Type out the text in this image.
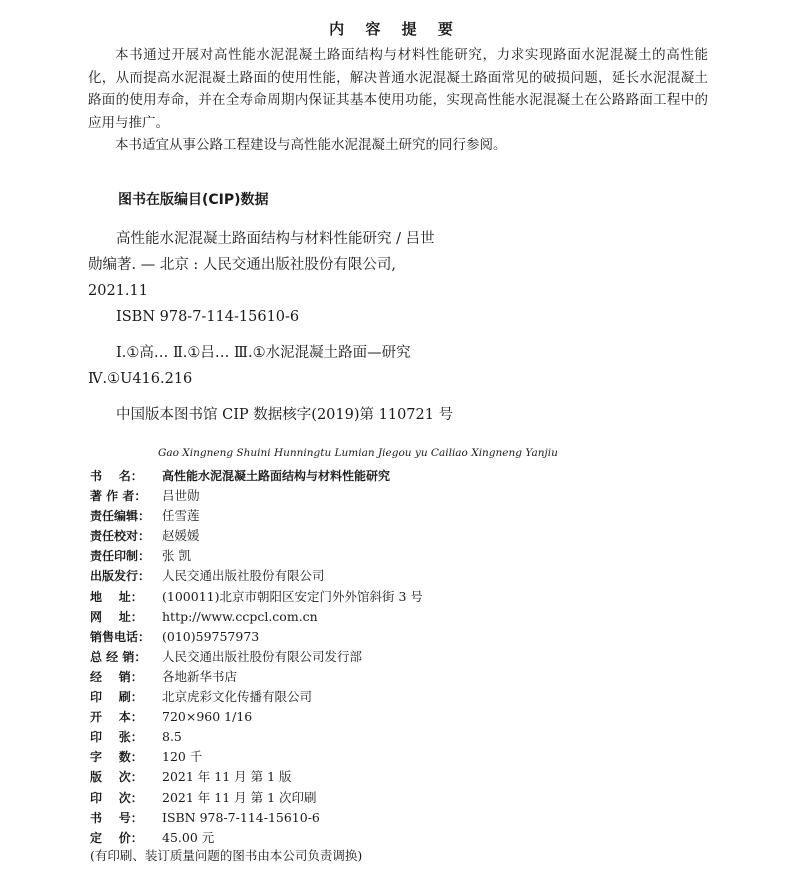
内 容 提 要

本书通过开展对高性能水泥混凝土路面结构与材料性能研究，力求实现路面水泥混凝土的高性能化，从而提高水泥混凝土路面的使用性能，解决普通水泥混凝土路面常见的破损问题，延长水泥混凝土路面的使用寿命，并在全寿命周期内保证其基本使用功能，实现高性能水泥混凝土在公路路面工程中的应用与推广。

本书适宜从事公路工程建设与高性能水泥混凝土研究的同行参阅。

图书在版编目(CIP)数据
高性能水泥混凝土路面结构与材料性能研究 / 吕世
勋编著. — 北京 : 人民交通出版社股份有限公司,
2021.11
ISBN 978-7-114-15610-6
Ⅰ.①高… Ⅱ.①吕… Ⅲ.①水泥混凝土路面—研究
Ⅳ.①U416.216
中国版本图书馆 CIP 数据核字(2019)第 110721 号
Gao Xingneng Shuini Hunningtu Lumian Jiegou yu Cailiao Xingneng Yanjiu
书    名：	高性能水泥混凝土路面结构与材料性能研究
著 作 者：	吕世勋
责任编辑： 任雪莲
责任校对： 赵媛媛
责任印制： 张 凯
出版发行： 人民交通出版社股份有限公司
地    址：	(100011)北京市朝阳区安定门外外馆斜街 3 号
网    址：	http://www.ccpcl.com.cn
销售电话： (010)59757973
总 经 销：	人民交通出版社股份有限公司发行部
经    销：	各地新华书店
印    刷：	北京虎彩文化传播有限公司
开    本：	720×960 1/16
印    张：	8.5
字    数：	120 千
版    次：	2021 年 11 月 第 1 版
印    次：	2021 年 11 月 第 1 次印刷
书    号：	ISBN 978-7-114-15610-6
定    价：	45.00 元
(有印刷、装订质量问题的图书由本公司负责调换)
